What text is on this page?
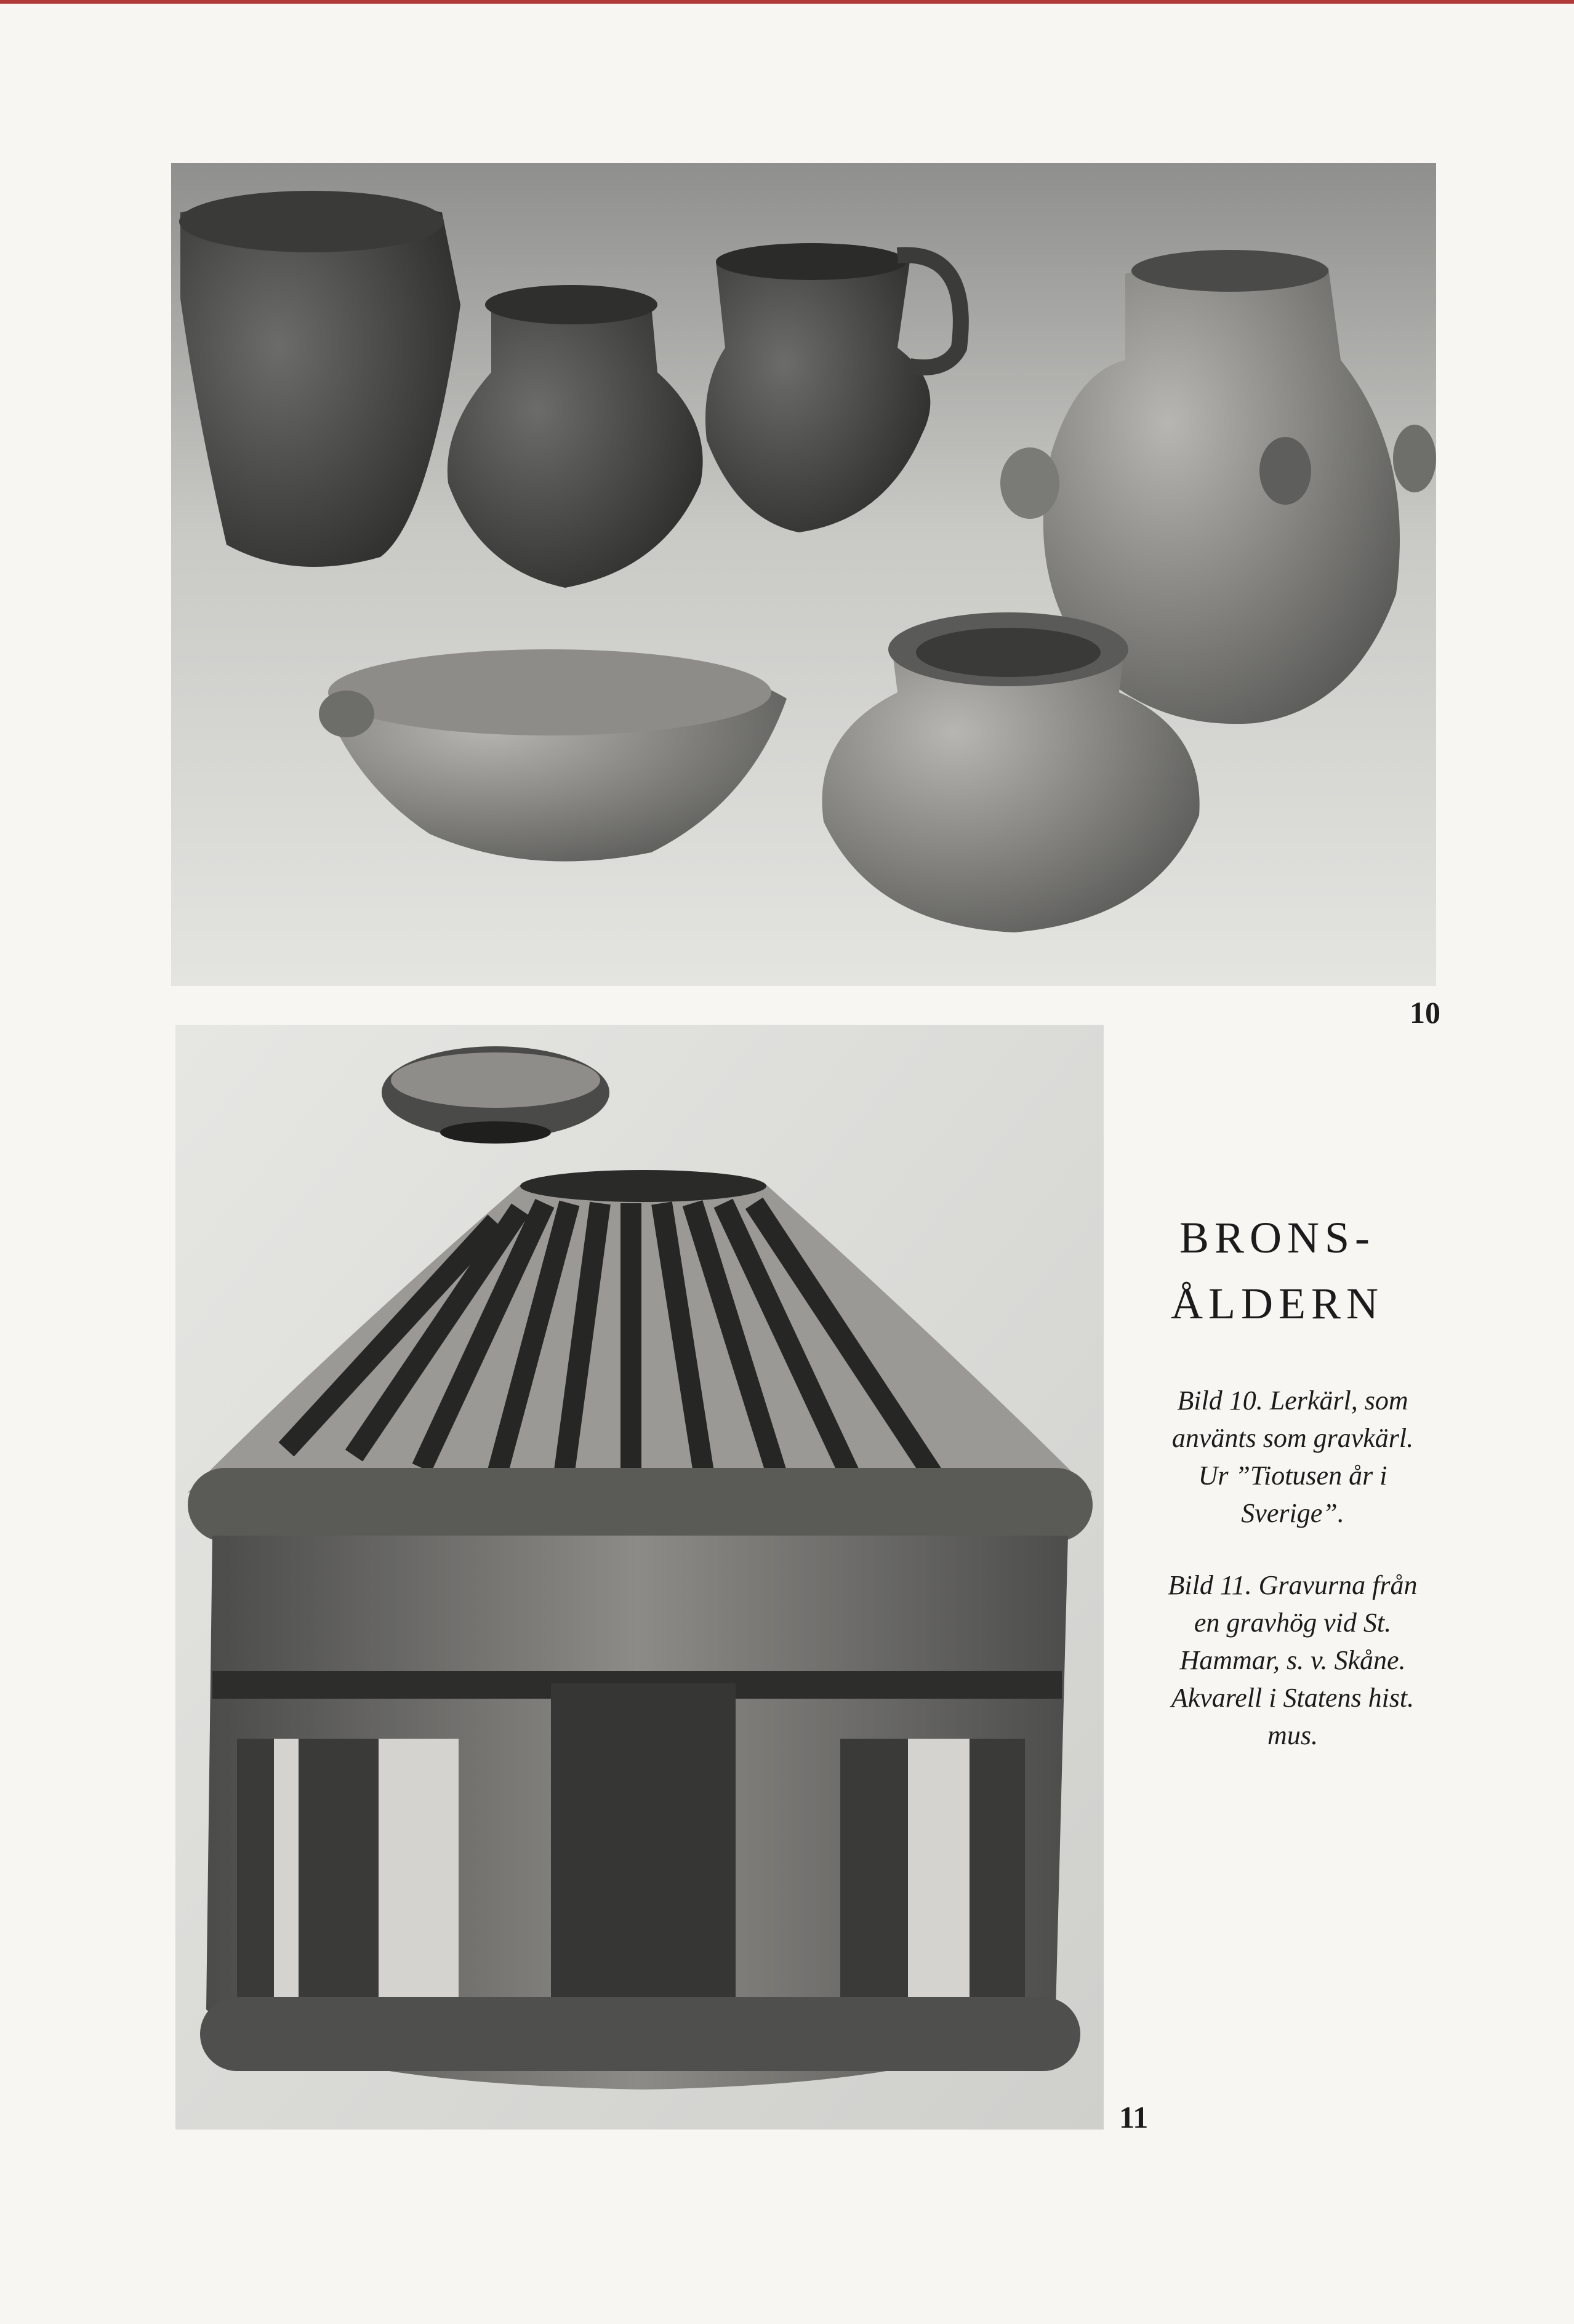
10
11
BRONS-
ÅLDERN
Bild 10. Lerkärl, som
använts som gravkärl.
Ur ”Tiotusen år i
Sverige”.
Bild 11. Gravurna från
en gravhög vid St.
Hammar, s. v. Skåne.
Akvarell i Statens hist.
mus.
